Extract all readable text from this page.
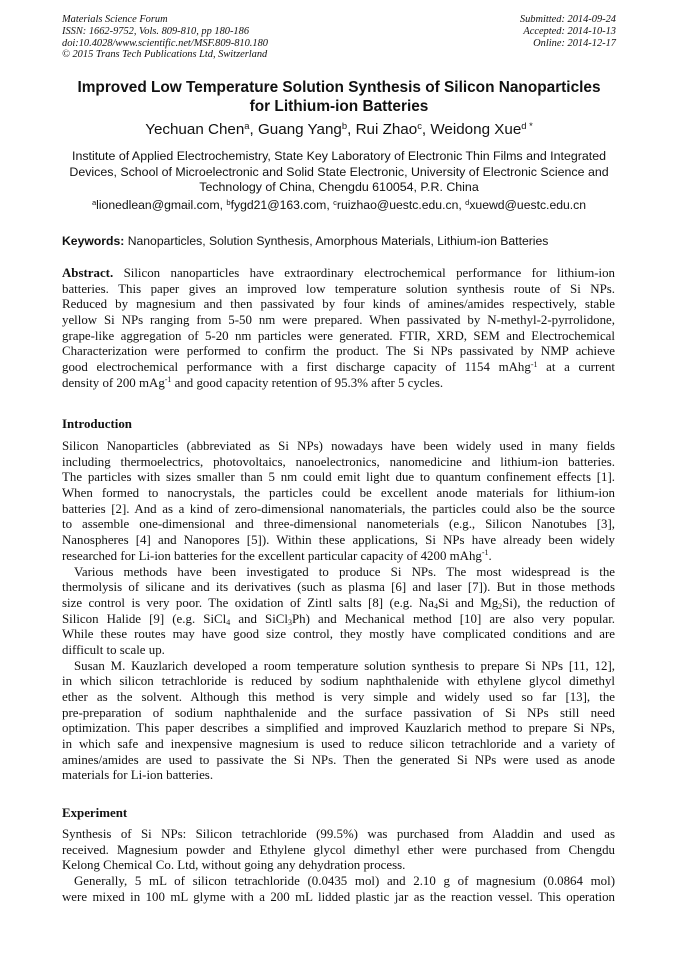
Materials Science Forum
ISSN: 1662-9752, Vols. 809-810, pp 180-186
doi:10.4028/www.scientific.net/MSF.809-810.180
© 2015 Trans Tech Publications Ltd, Switzerland
Submitted: 2014-09-24
Accepted: 2014-10-13
Online: 2014-12-17
Improved Low Temperature Solution Synthesis of Silicon Nanoparticles
for Lithium-ion Batteries
Yechuan Chen$^a$, Guang Yang$^b$, Rui Zhao$^c$, Weidong Xue$^{d *}$
Institute of Applied Electrochemistry, State Key Laboratory of Electronic Thin Films and Integrated
Devices, School of Microelectronic and Solid State Electronic, University of Electronic Science and
Technology of China, Chengdu 610054, P.R. China
$^a$lionedlean@gmail.com, $^b$fygd21@163.com, $^c$ruizhao@uestc.edu.cn, $^d$xuewd@uestc.edu.cn
Keywords: Nanoparticles, Solution Synthesis, Amorphous Materials, Lithium-ion Batteries
Abstract. Silicon nanoparticles have extraordinary electrochemical performance for lithium-ion
batteries. This paper gives an improved low temperature solution synthesis route of Si NPs.
Reduced by magnesium and then passivated by four kinds of amines/amides respectively, stable
yellow Si NPs ranging from 5-50 nm were prepared. When passivated by N-methyl-2-pyrrolidone,
grape-like aggregation of 5-20 nm particles were generated. FTIR, XRD, SEM and Electrochemical
Characterization were performed to confirm the product. The Si NPs passivated by NMP achieve
good electrochemical performance with a first discharge capacity of 1154 mAhg$^{-1}$ at a current
density of 200 mAg$^{-1}$ and good capacity retention of 95.3% after 5 cycles.
Introduction
Silicon Nanoparticles (abbreviated as Si NPs) nowadays have been widely used in many fields
including thermoelectrics, photovoltaics, nanoelectronics, nanomedicine and lithium-ion batteries.
The particles with sizes smaller than 5 nm could emit light due to quantum confinement effects [1].
When formed to nanocrystals, the particles could be excellent anode materials for lithium-ion
batteries [2]. And as a kind of zero-dimensional nanomaterials, the particles could also be the source
to assemble one-dimensional and three-dimensional nanometerials (e.g., Silicon Nanotubes [3],
Nanospheres [4] and Nanopores [5]). Within these applications, Si NPs have already been widely
researched for Li-ion batteries for the excellent particular capacity of 4200 mAhg$^{-1}$.
Various methods have been investigated to produce Si NPs. The most widespread is the
thermolysis of silicane and its derivatives (such as plasma [6] and laser [7]). But in those methods
size control is very poor. The oxidation of Zintl salts [8] (e.g. $Na_4Si$ and $Mg_2Si$), the reduction of
Silicon Halide [9] (e.g. SiCl$_4$ and SiCl$_3$Ph) and Mechanical method [10] are also very popular.
While these routes may have good size control, they mostly have complicated conditions and are
difficult to scale up.
Susan M. Kauzlarich developed a room temperature solution synthesis to prepare Si NPs [11, 12],
in which silicon tetrachloride is reduced by sodium naphthalenide with ethylene glycol dimethyl
ether as the solvent. Although this method is very simple and widely used so far [13], the
pre-preparation of sodium naphthalenide and the surface passivation of Si NPs still need
optimization. This paper describes a simplified and improved Kauzlarich method to prepare Si NPs,
in which safe and inexpensive magnesium is used to reduce silicon tetrachloride and a variety of
amines/amides are used to passivate the Si NPs. Then the generated Si NPs were used as anode
materials for Li-ion batteries.
Experiment
Synthesis of Si NPs: Silicon tetrachloride (99.5%) was purchased from Aladdin and used as
received. Magnesium powder and Ethylene glycol dimethyl ether were purchased from Chengdu
Kelong Chemical Co. Ltd, without going any dehydration process.
Generally, 5 mL of silicon tetrachloride (0.0435 mol) and 2.10 g of magnesium (0.0864 mol)
were mixed in 100 mL glyme with a 200 mL lidded plastic jar as the reaction vessel. This operation
